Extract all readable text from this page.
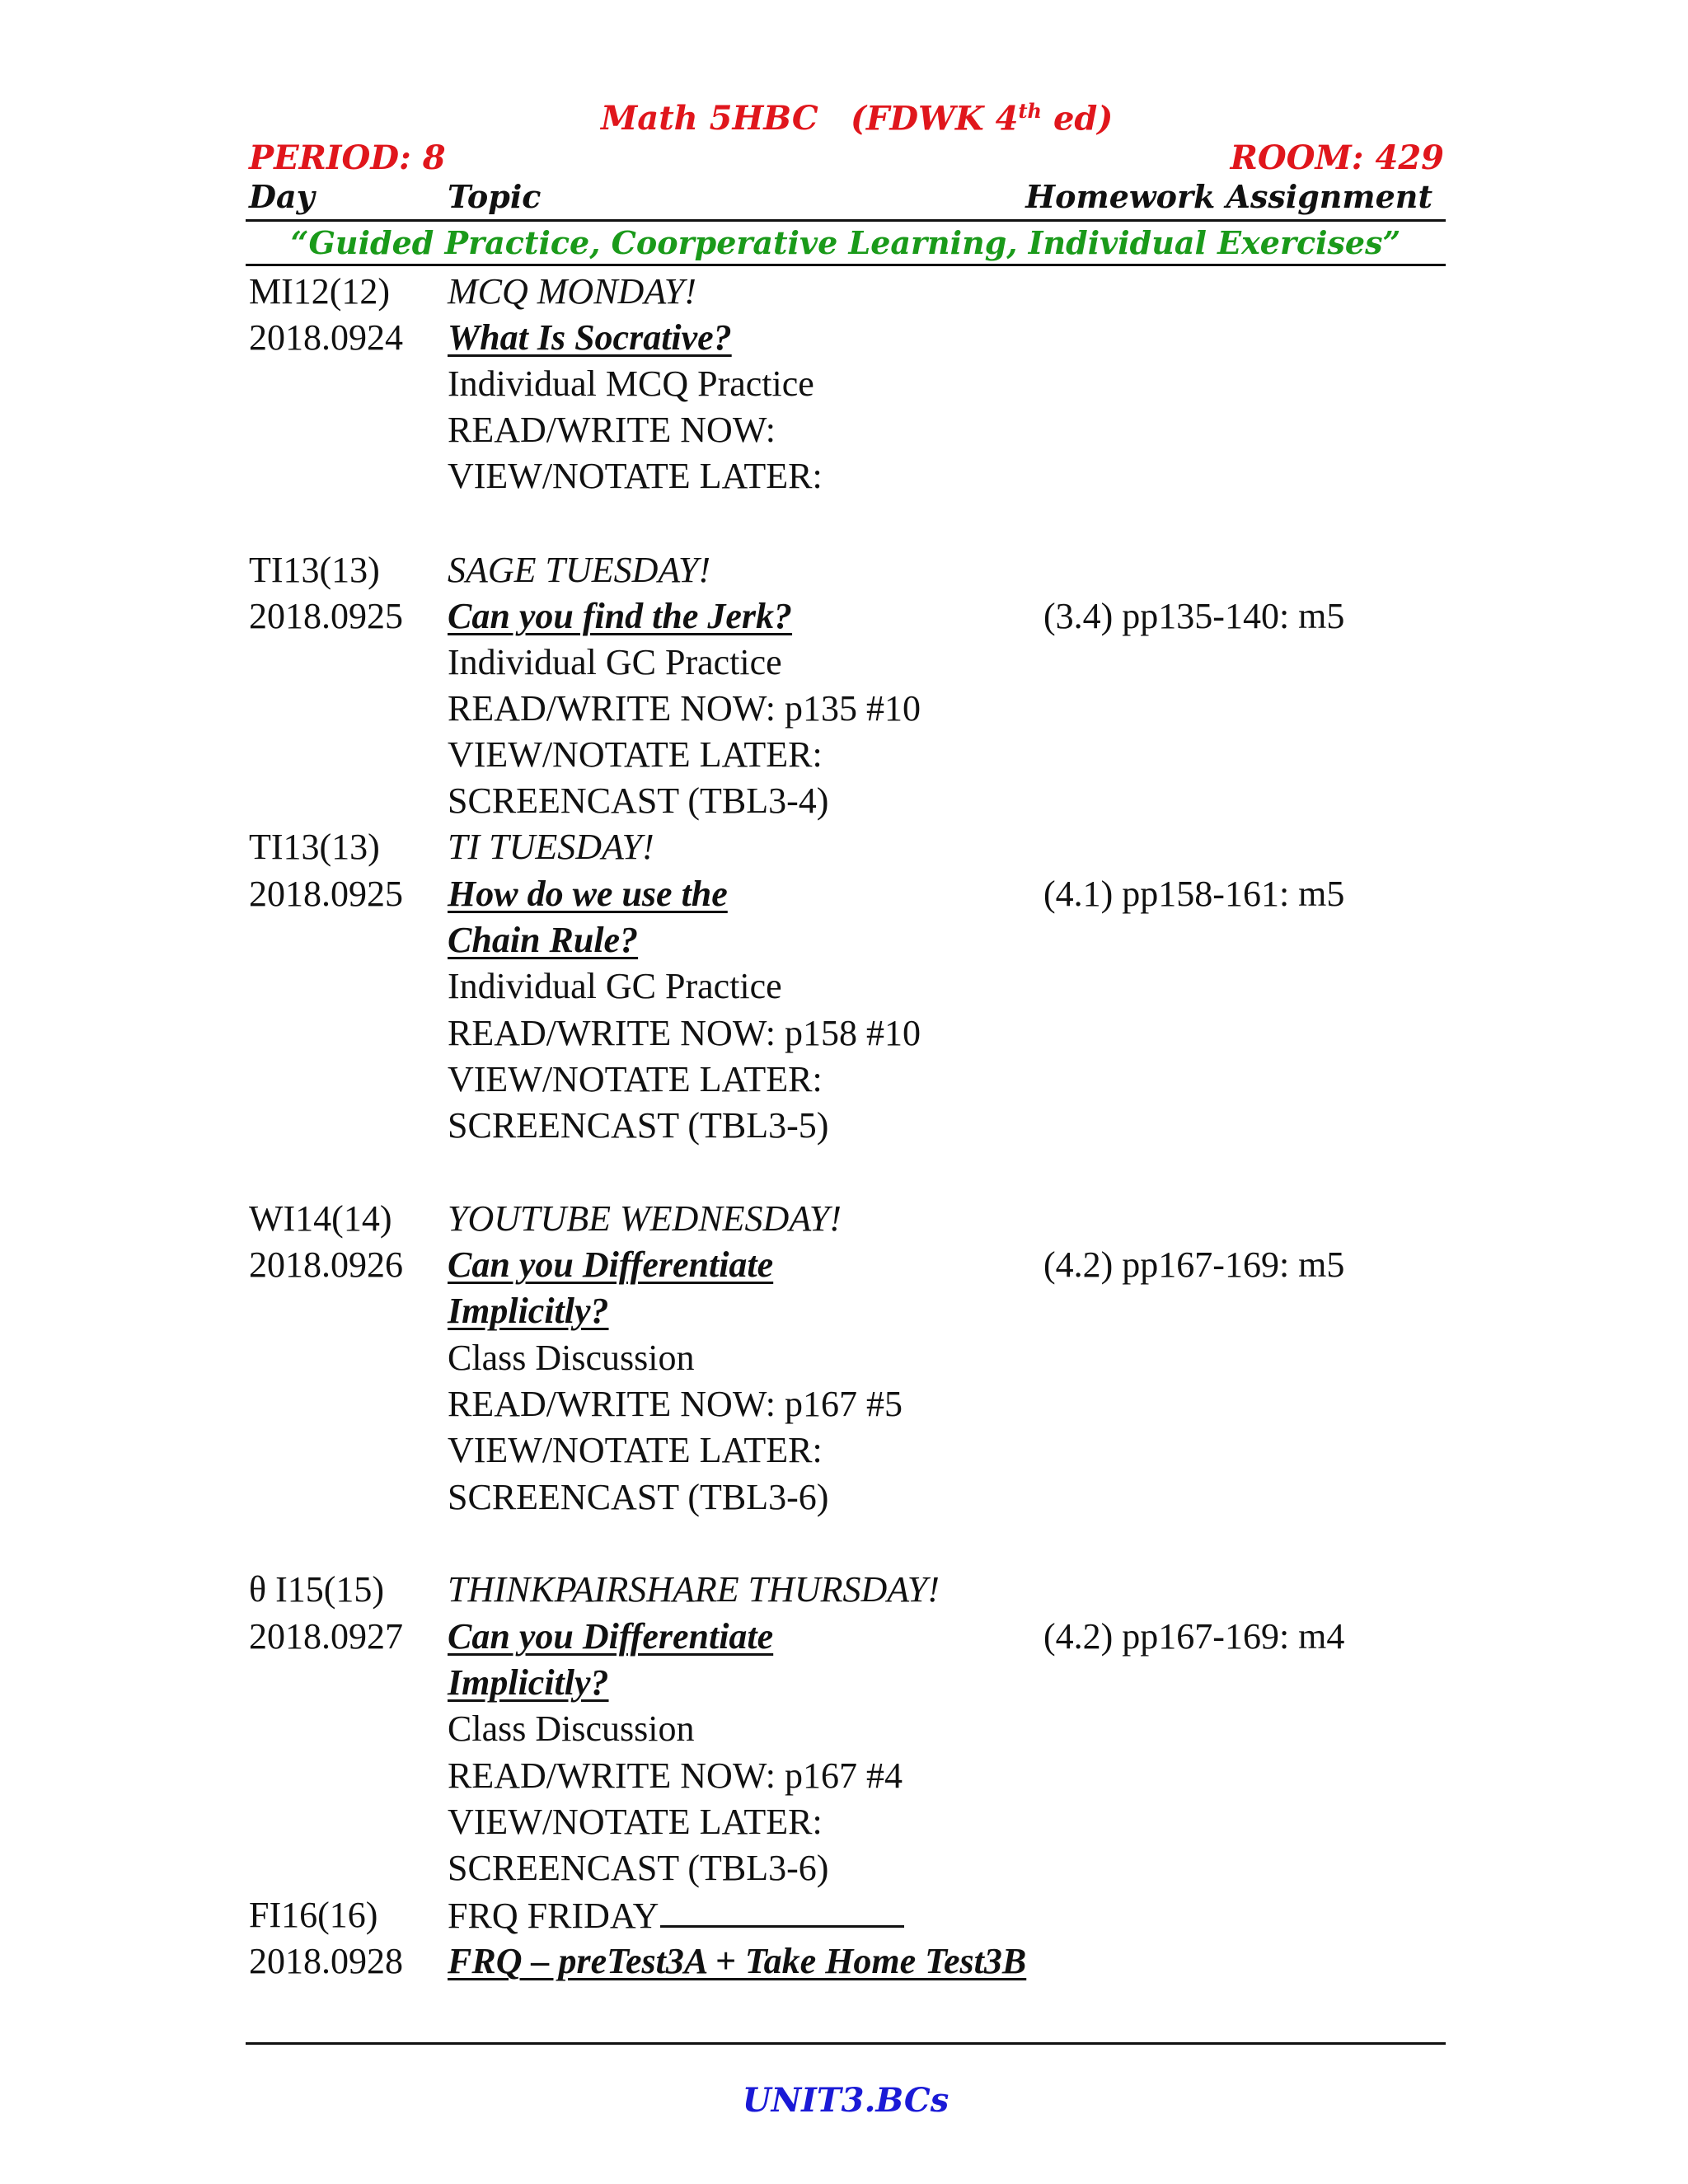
Math 5HBC (FDWK 4th ed)
PERIOD: 8	ROOM: 429
Day	Topic	Homework Assignment
“Guided Practice, Coorperative Learning, Individual Exercises”
MI12(12) MCQ MONDAY!
2018.0924 What Is Socrative?
Individual MCQ Practice
READ/WRITE NOW:
VIEW/NOTATE LATER:
TI13(13) SAGE TUESDAY!
2018.0925 Can you find the Jerk?	(3.4) pp135-140: m5
Individual GC Practice
READ/WRITE NOW: p135 #10
VIEW/NOTATE LATER:
SCREENCAST (TBL3-4)
TI13(13) TI TUESDAY!
2018.0925 How do we use the	(4.1) pp158-161: m5
Chain Rule?
Individual GC Practice
READ/WRITE NOW: p158 #10
VIEW/NOTATE LATER:
SCREENCAST (TBL3-5)
WI14(14) YOUTUBE WEDNESDAY!
2018.0926 Can you Differentiate	(4.2) pp167-169: m5
Implicitly?
Class Discussion
READ/WRITE NOW: p167 #5
VIEW/NOTATE LATER:
SCREENCAST (TBL3-6)
θ I15(15) THINKPAIRSHARE THURSDAY!
2018.0927 Can you Differentiate	(4.2) pp167-169: m4
Implicitly?
Class Discussion
READ/WRITE NOW: p167 #4
VIEW/NOTATE LATER:
SCREENCAST (TBL3-6)
FI16(16) FRQ FRIDAY
2018.0928 FRQ – preTest3A + Take Home Test3B
UNIT3.BCs
